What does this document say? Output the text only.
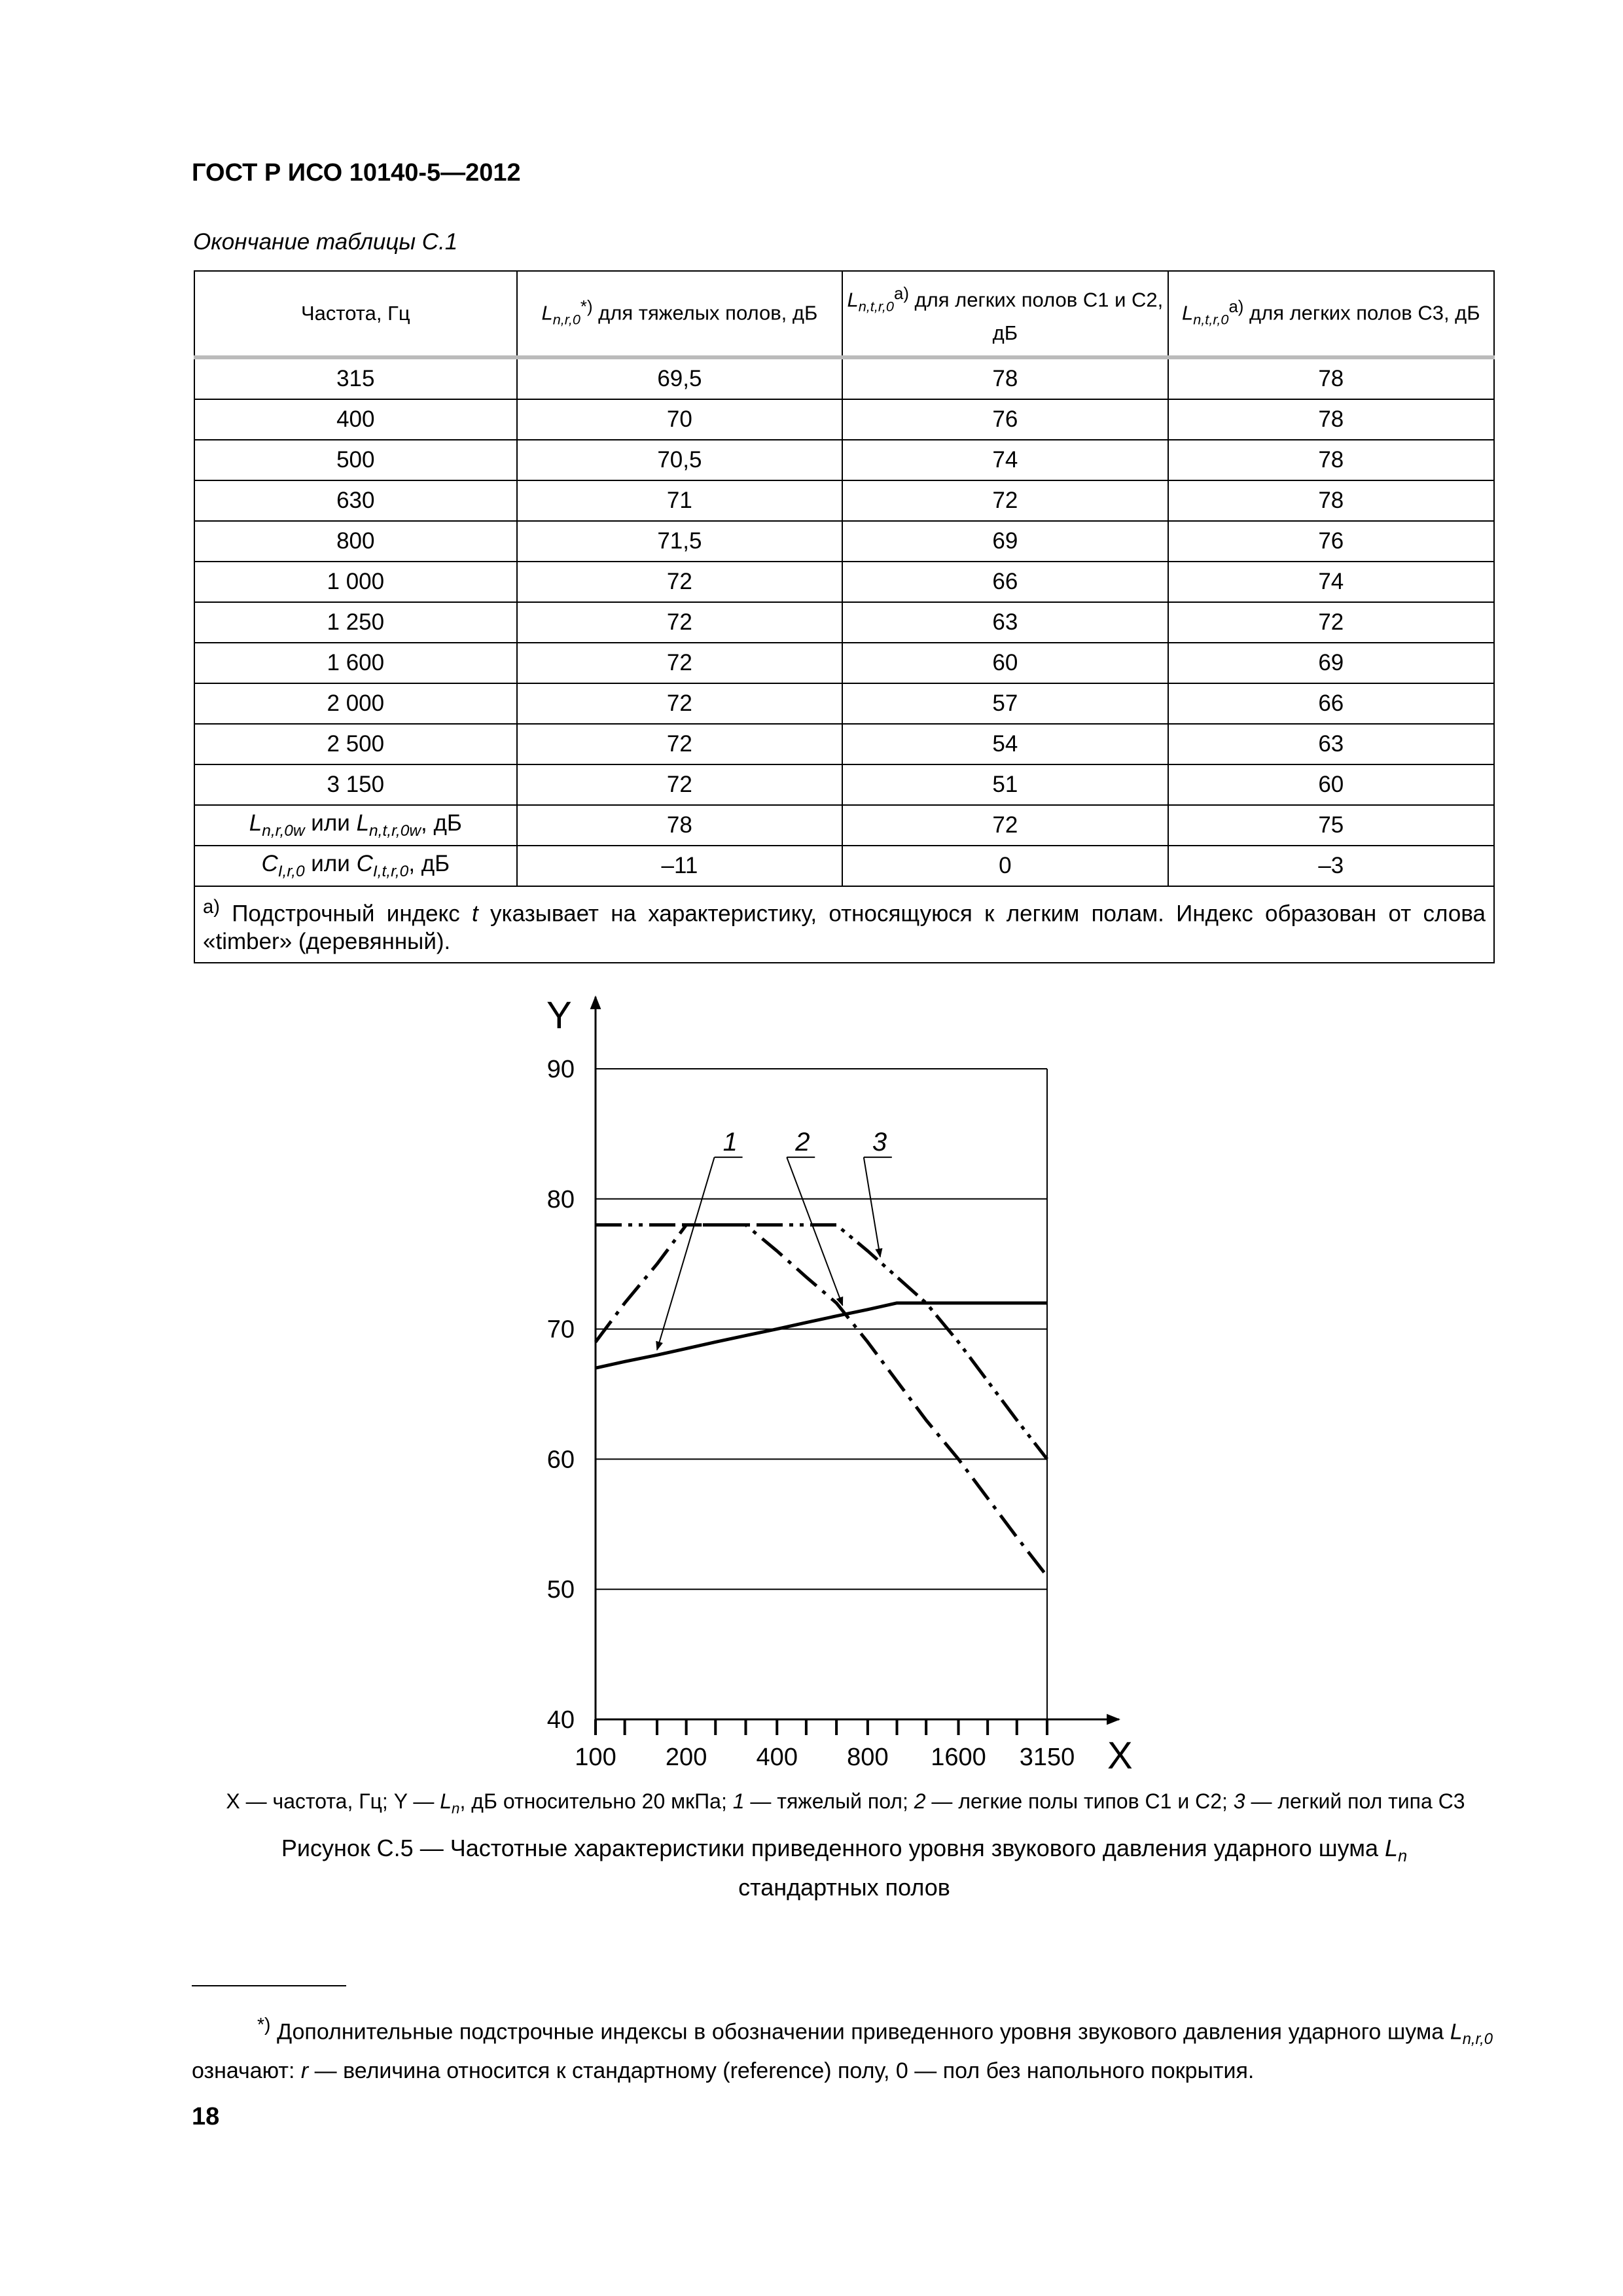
ГОСТ Р ИСО 10140-5—2012
Окончание таблицы С.1
Частота, Гц	$L_{n,r,0}^{*)}$ для тяжелых полов, дБ	$L_{n,t,r,0}^{а)}$ для легких полов С1 и С2, дБ	$L_{n,t,r,0}^{а)}$ для легких полов С3, дБ
315	69,5	78	78
400	70	76	78
500	70,5	74	78
630	71	72	78
800	71,5	69	76
1 000	72	66	74
1 250	72	63	72
1 600	72	60	69
2 000	72	57	66
2 500	72	54	63
3 150	72	51	60
$L_{n,r,0w}$ или $L_{n,t,r,0w}$, дБ	78	72	75
$C_{I,r,0}$ или $C_{I,t,r,0}$, дБ	–11	0	–3
$^{а)}$ Подстрочный индекс t указывает на характеристику, относящуюся к легким полам. Индекс образован от слова «timber» (деревянный).			
100 200 400 800 1600 3150
40
50
60
70
80
90
Y
X
1 2 3
X — частота, Гц; Y — $L_n$, дБ относительно 20 мкПа; 1 — тяжелый пол; 2 — легкие полы типов С1 и С2; 3 — легкий пол типа С3
Рисунок С.5 — Частотные характеристики приведенного уровня звукового давления ударного шума $L_n$
стандартных полов
*) Дополнительные подстрочные индексы в обозначении приведенного уровня звукового давления ударного шума $L_{n,r,0}$ означают: r — величина относится к стандартному (reference) полу, 0 — пол без напольного покрытия.
18
